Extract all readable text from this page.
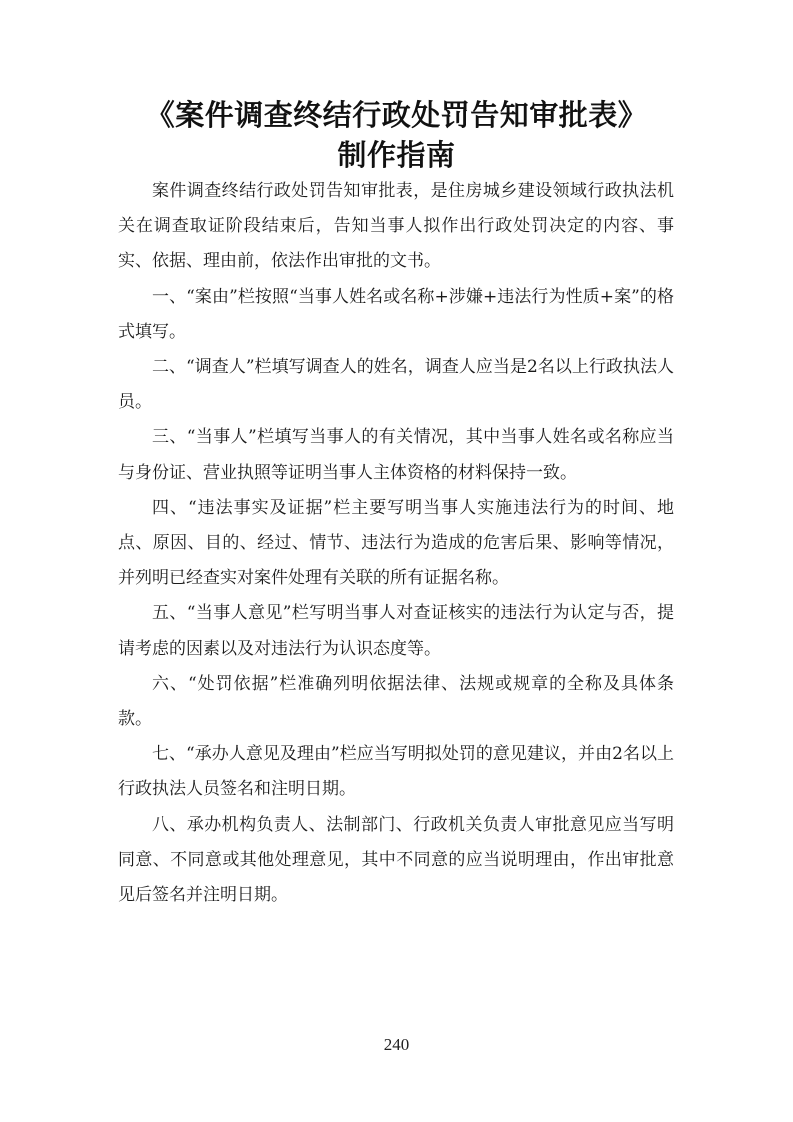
《案件调查终结行政处罚告知审批表》
制作指南

案件调查终结行政处罚告知审批表，是住房城乡建设领域行政执法机关在调查取证阶段结束后，告知当事人拟作出行政处罚决定的内容、事实、依据、理由前，依法作出审批的文书。

一、“案由”栏按照“当事人姓名或名称+涉嫌+违法行为性质+案”的格式填写。

二、“调查人”栏填写调查人的姓名，调查人应当是2名以上行政执法人员。

三、“当事人”栏填写当事人的有关情况，其中当事人姓名或名称应当与身份证、营业执照等证明当事人主体资格的材料保持一致。

四、“违法事实及证据”栏主要写明当事人实施违法行为的时间、地点、原因、目的、经过、情节、违法行为造成的危害后果、影响等情况，并列明已经查实对案件处理有关联的所有证据名称。

五、“当事人意见”栏写明当事人对查证核实的违法行为认定与否，提请考虑的因素以及对违法行为认识态度等。

六、“处罚依据”栏准确列明依据法律、法规或规章的全称及具体条款。

七、“承办人意见及理由”栏应当写明拟处罚的意见建议，并由2名以上行政执法人员签名和注明日期。

八、承办机构负责人、法制部门、行政机关负责人审批意见应当写明同意、不同意或其他处理意见，其中不同意的应当说明理由，作出审批意见后签名并注明日期。

240
